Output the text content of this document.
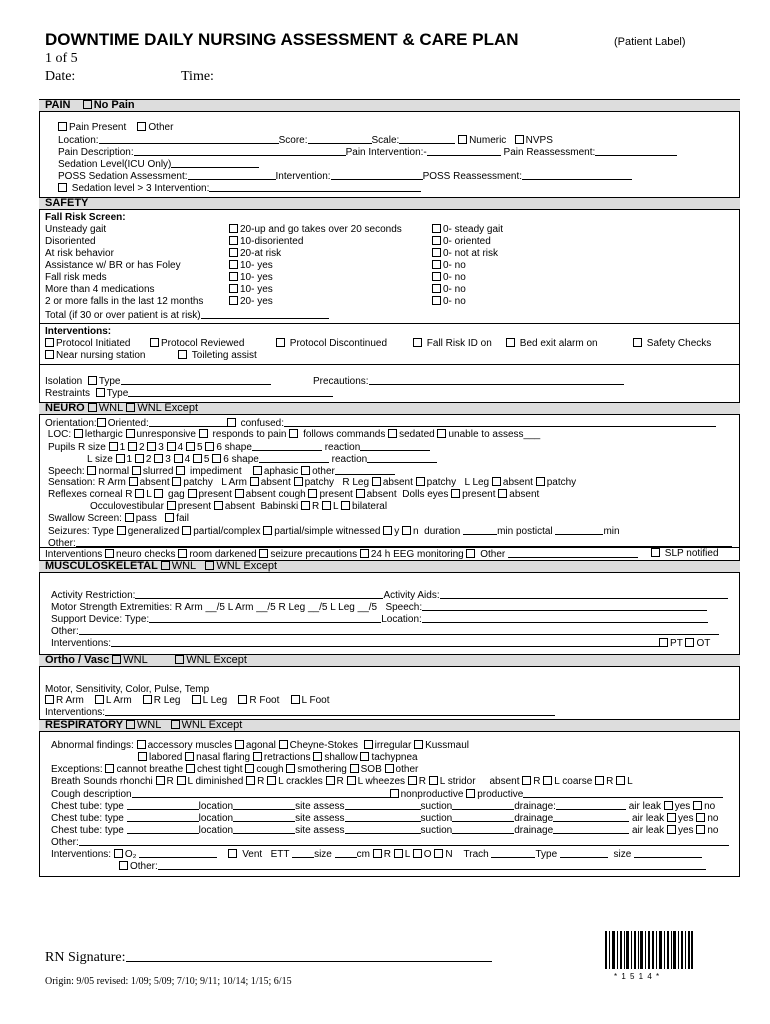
DOWNTIME DAILY NURSING ASSESSMENT & CARE PLAN	(Patient Label)
1 of 5
Date:	Time:
PAIN No Pain
Pain Present Other
Location:	Score:	Scale:	Numeric NVPS
Pain Description:	Pain Intervention:-	Pain Reassessment:
Sedation Level(ICU Only)
POSS Sedation Assessment:	Intervention:	POSS Reassessment:
Sedation level > 3 Intervention:
SAFETY
Fall Risk Screen:
Unsteady gait	20-up and go takes over 20 seconds	0- steady gait
Disoriented	10-disoriented	0- oriented
At risk behavior	20-at risk	0- not at risk
Assistance w/ BR or has Foley	10- yes	0- no
Fall risk meds	10- yes	0- no
More than 4 medications	10- yes	0- no
2 or more falls in the last 12 months	20- yes	0- no
Total (if 30 or over patient is at risk)
Interventions:
Protocol Initiated	Protocol Reviewed	Protocol Discontinued	Fall Risk ID on	Bed exit alarm on	Safety Checks
Near nursing station	Toileting assist
Isolation Type	Precautions:
Restraints Type
NEURO WNL WNL Except
Orientation: Oriented:	confused:
LOC: lethargic unresponsive responds to pain follows commands sedated unable to assess___
Pupils R size 1 2 3 4 5 6 shape	reaction
L size 1 2 3 4 5 6 shape	reaction
Speech: normal slurred impediment aphasic other
Sensation: R Arm absent patchy L Arm absent patchy R Leg absent patchy L Leg absent patchy
Reflexes corneal R L gag present absent cough present absent Dolls eyes present absent
Occulovestibular present absent Babinski R L bilateral
Swallow Screen: pass fail
Seizures: Type generalized partial/complex partial/simple witnessed y n duration	min postictal	min
Other:
Interventions neuro checks room darkened seizure precautions 24 h EEG monitoring Other	SLP notified
MUSCULOSKELETAL WNL WNL Except
Activity Restriction:	Activity Aids:
Motor Strength Extremities: R Arm __/5 L Arm __/5 R Leg __/5 L Leg __/5 Speech:
Support Device: Type:	Location:
Other:
Interventions:	PT OT
Ortho / Vasc WNL	WNL Except
Motor, Sensitivity, Color, Pulse, Temp
R Arm L Arm R Leg L Leg R Foot L Foot
Interventions:
RESPIRATORY WNL WNL Except
Abnormal findings: accessory muscles agonal Cheyne-Stokes irregular Kussmaul
labored nasal flaring retractions shallow tachypnea
Exceptions: cannot breathe chest tight cough smothering SOB other
Breath Sounds rhonchi R L diminished R L crackles R L wheezes R L stridor absent R L coarse R L
Cough description	nonproductive productive
Chest tube: type	location	site assess	suction	drainage:	air leak yes no
Chest tube: type	location	site assess	suction	drainage	air leak yes no
Chest tube: type	location	site assess	suction	drainage	air leak yes no
Other:
Interventions: O₂	Vent ETT size cm R L O N Trach	Type	size
Other:
RN Signature:
Origin: 9/05 revised: 1/09; 5/09; 7/10; 9/11; 10/14; 1/15; 6/15	* 1 5 1 4 *
